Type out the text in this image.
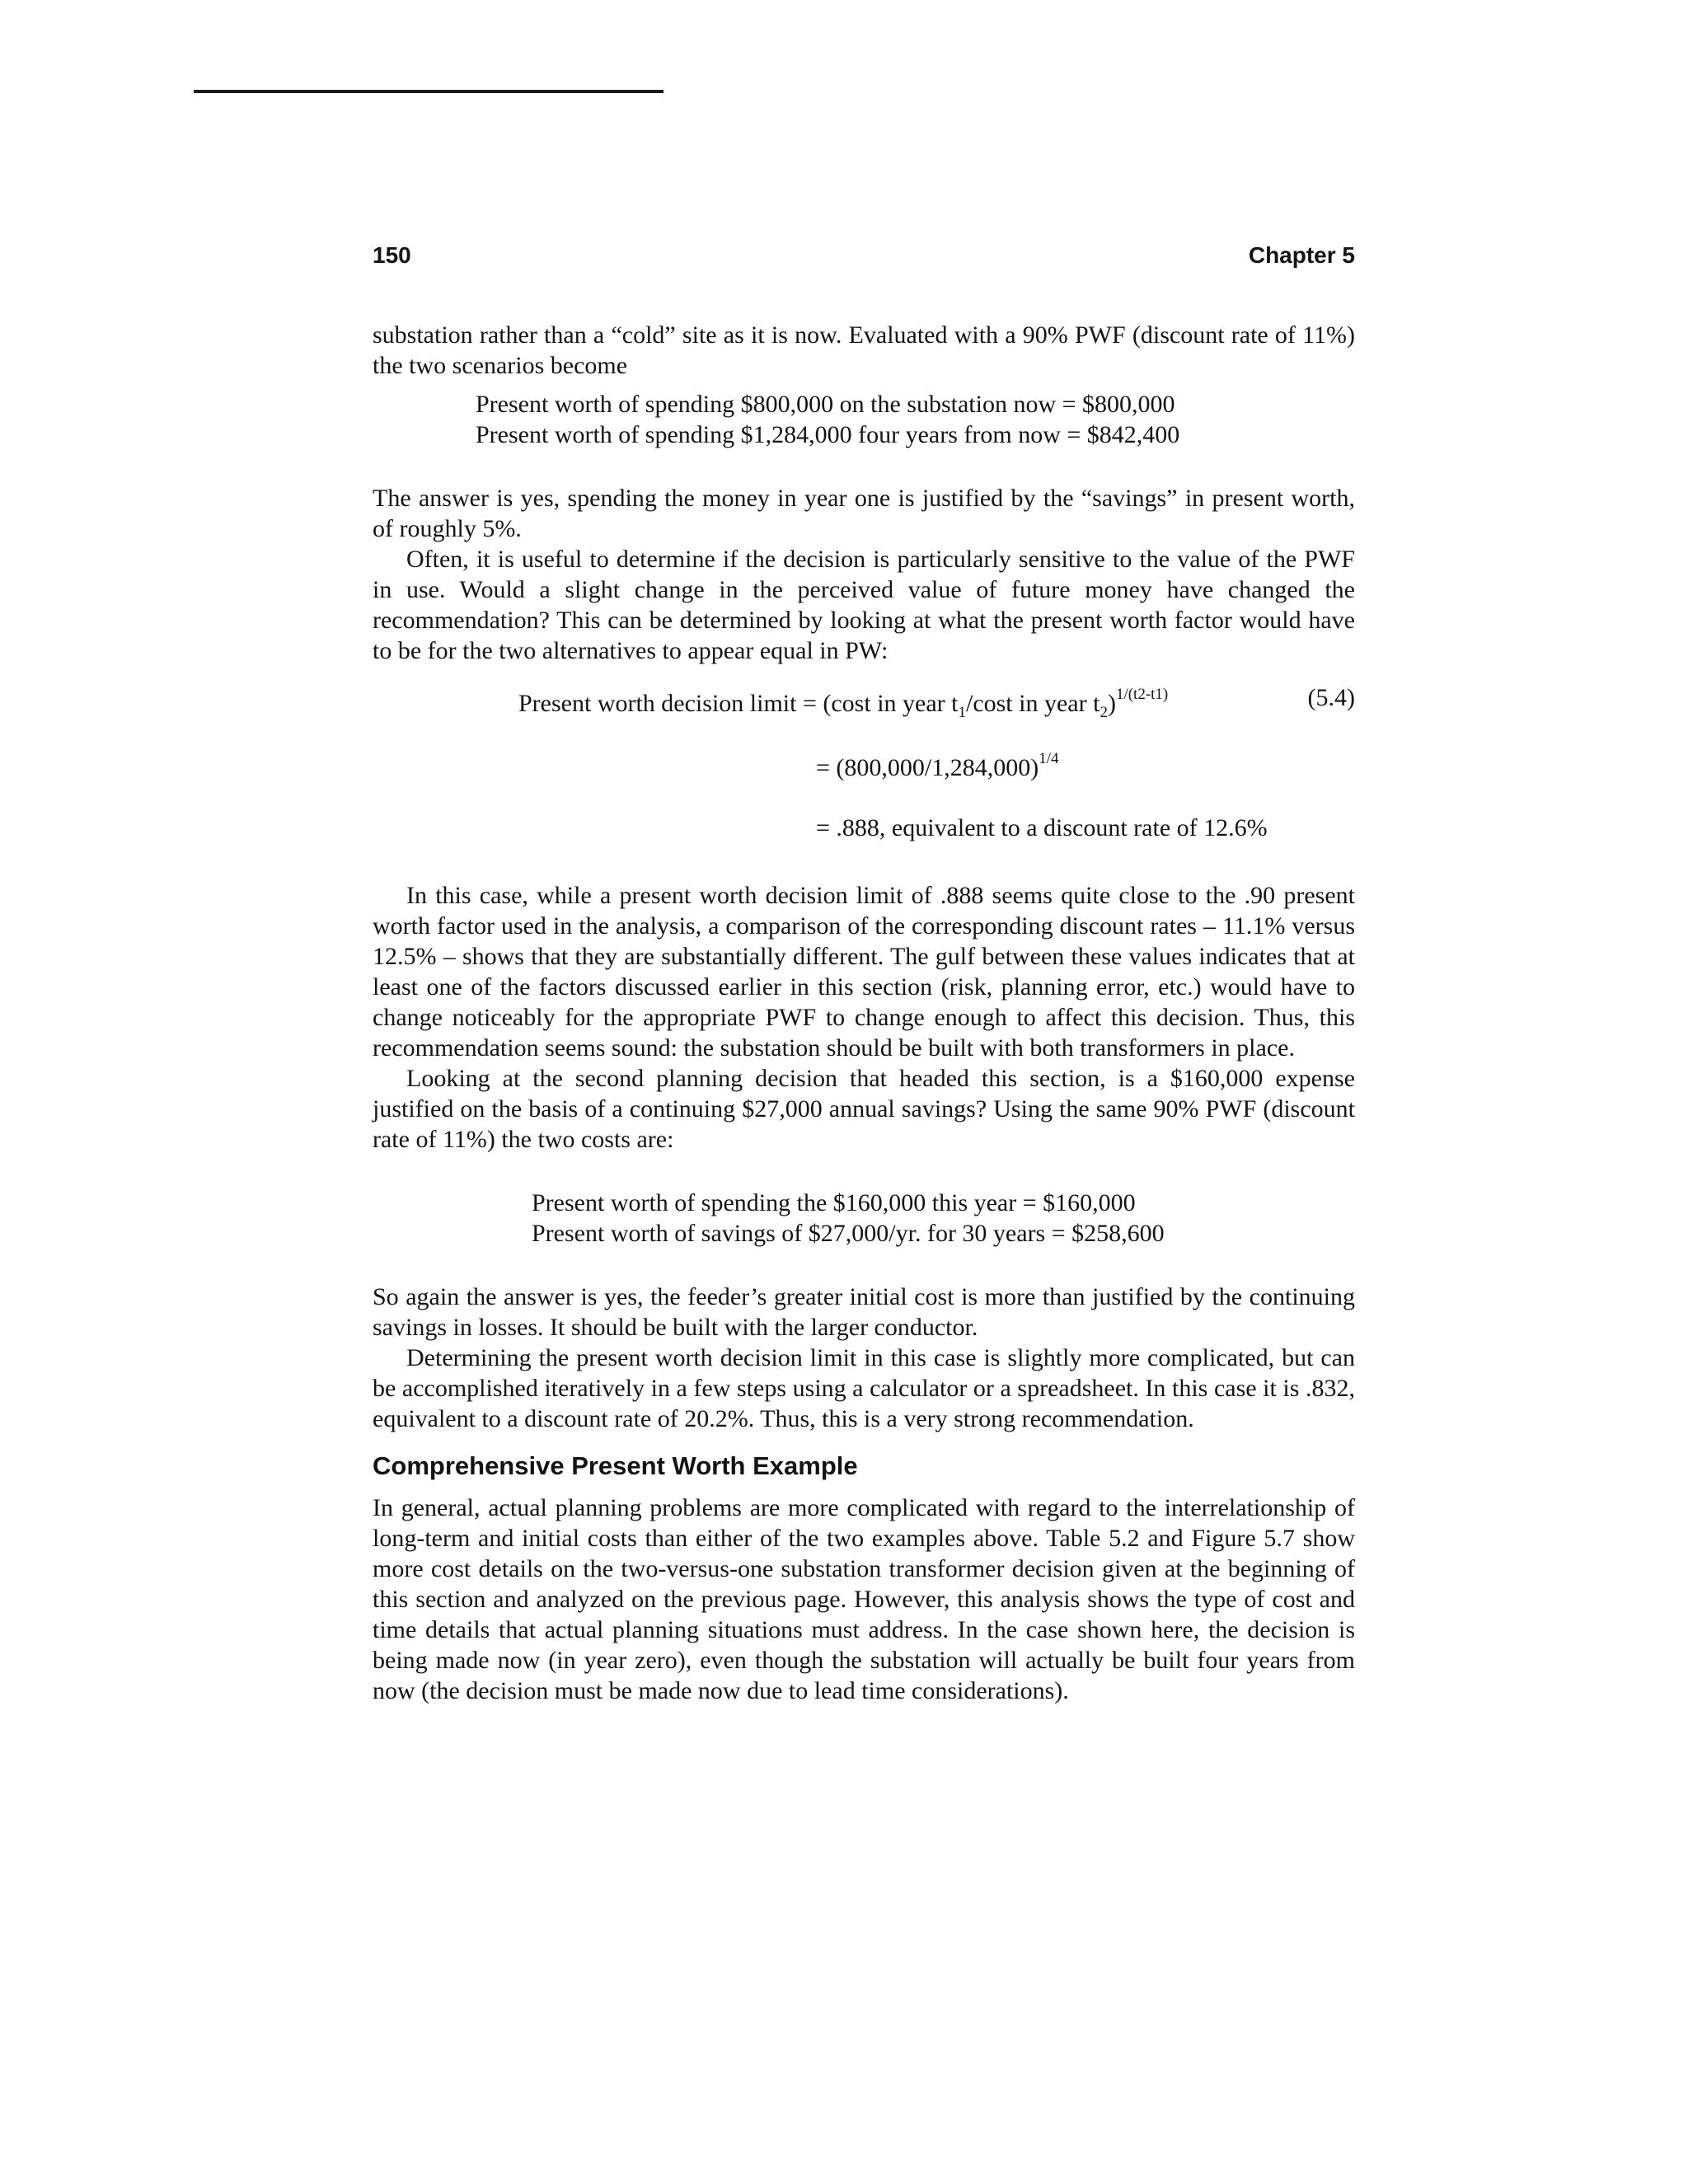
150	Chapter 5

substation rather than a “cold” site as it is now. Evaluated with a 90% PWF (discount rate of 11%) the two scenarios become

Present worth of spending $800,000 on the substation now = $800,000
Present worth of spending $1,284,000 four years from now = $842,400

The answer is yes, spending the money in year one is justified by the “savings” in present worth, of roughly 5%.

Often, it is useful to determine if the decision is particularly sensitive to the value of the PWF in use. Would a slight change in the perceived value of future money have changed the recommendation? This can be determined by looking at what the present worth factor would have to be for the two alternatives to appear equal in PW:

Present worth decision limit = (cost in year $t_1$/cost in year $t_2)^{1/(t2-t1)}$	(5.4)
= $(800,000/1,284,000)^{1/4}$
= .888, equivalent to a discount rate of 12.6%

In this case, while a present worth decision limit of .888 seems quite close to the .90 present worth factor used in the analysis, a comparison of the corresponding discount rates – 11.1% versus 12.5% – shows that they are substantially different. The gulf between these values indicates that at least one of the factors discussed earlier in this section (risk, planning error, etc.) would have to change noticeably for the appropriate PWF to change enough to affect this decision. Thus, this recommendation seems sound: the substation should be built with both transformers in place.

Looking at the second planning decision that headed this section, is a $160,000 expense justified on the basis of a continuing $27,000 annual savings? Using the same 90% PWF (discount rate of 11%) the two costs are:

Present worth of spending the $160,000 this year = $160,000
Present worth of savings of $27,000/yr. for 30 years = $258,600

So again the answer is yes, the feeder’s greater initial cost is more than justified by the continuing savings in losses. It should be built with the larger conductor.

Determining the present worth decision limit in this case is slightly more complicated, but can be accomplished iteratively in a few steps using a calculator or a spreadsheet. In this case it is .832, equivalent to a discount rate of 20.2%. Thus, this is a very strong recommendation.

Comprehensive Present Worth Example

In general, actual planning problems are more complicated with regard to the interrelationship of long-term and initial costs than either of the two examples above. Table 5.2 and Figure 5.7 show more cost details on the two-versus-one substation transformer decision given at the beginning of this section and analyzed on the previous page. However, this analysis shows the type of cost and time details that actual planning situations must address. In the case shown here, the decision is being made now (in year zero), even though the substation will actually be built four years from now (the decision must be made now due to lead time considerations).
